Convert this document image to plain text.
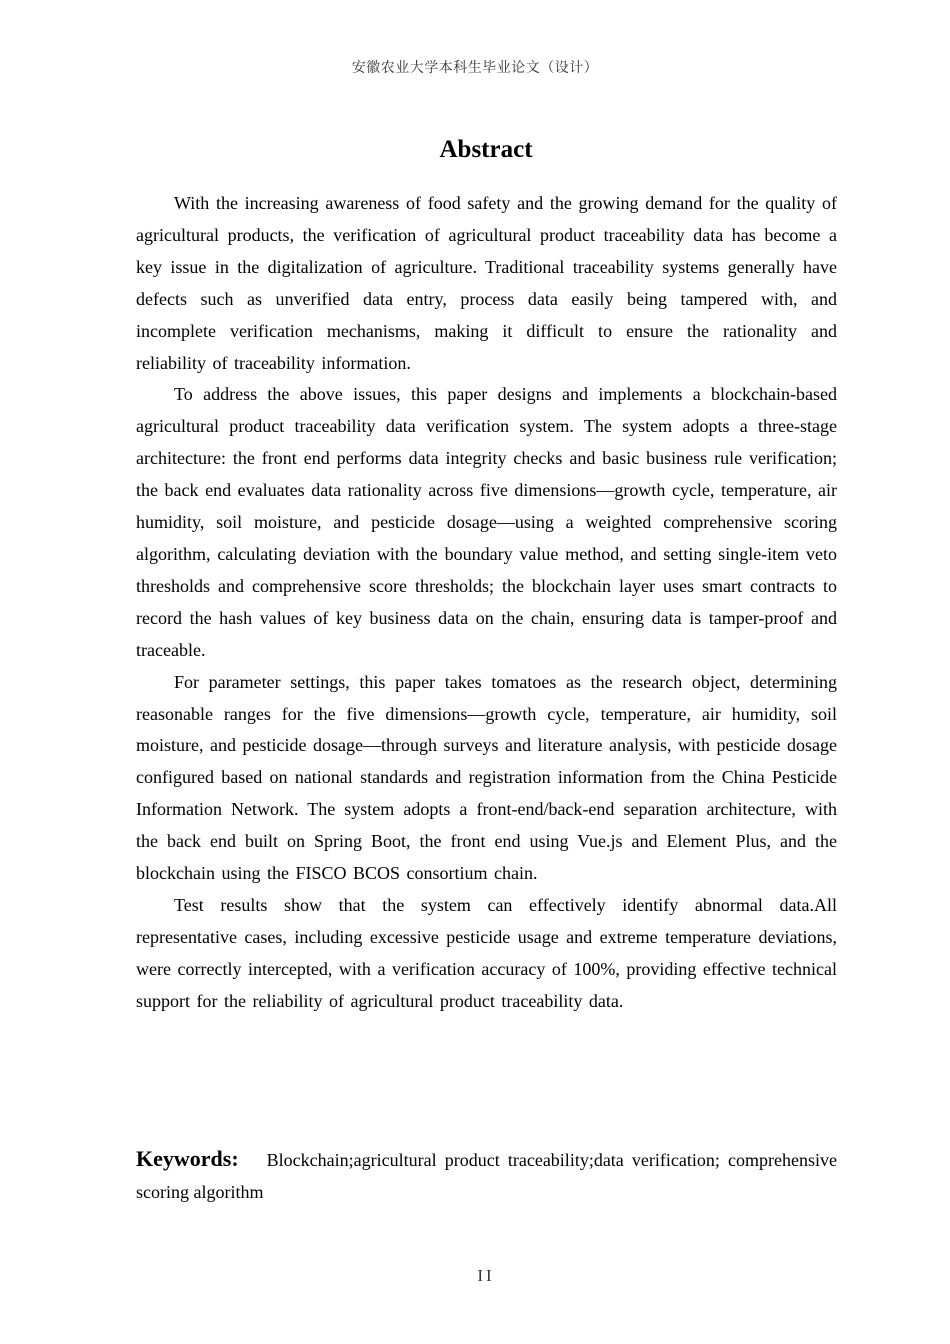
安徽农业大学本科生毕业论文（设计）
Abstract

With the increasing awareness of food safety and the growing demand for the quality of agricultural products, the verification of agricultural product traceability data has become a key issue in the digitalization of agriculture. Traditional traceability systems generally have defects such as unverified data entry, process data easily being tampered with, and incomplete verification mechanisms, making it difficult to ensure the rationality and reliability of traceability information.

To address the above issues, this paper designs and implements a blockchain-based agricultural product traceability data verification system. The system adopts a three-stage architecture: the front end performs data integrity checks and basic business rule verification; the back end evaluates data rationality across five dimensions—growth cycle, temperature, air humidity, soil moisture, and pesticide dosage—using a weighted comprehensive scoring algorithm, calculating deviation with the boundary value method, and setting single-item veto thresholds and comprehensive score thresholds; the blockchain layer uses smart contracts to record the hash values of key business data on the chain, ensuring data is tamper-proof and traceable.

For parameter settings, this paper takes tomatoes as the research object, determining reasonable ranges for the five dimensions—growth cycle, temperature, air humidity, soil moisture, and pesticide dosage—through surveys and literature analysis, with pesticide dosage configured based on national standards and registration information from the China Pesticide Information Network. The system adopts a front-end/back-end separation architecture, with the back end built on Spring Boot, the front end using Vue.js and Element Plus, and the blockchain using the FISCO BCOS consortium chain.

Test results show that the system can effectively identify abnormal data.All representative cases, including excessive pesticide usage and extreme temperature deviations, were correctly intercepted, with a verification accuracy of 100%, providing effective technical support for the reliability of agricultural product traceability data.

Keywords: Blockchain;agricultural product traceability;data verification; comprehensive scoring algorithm

II
